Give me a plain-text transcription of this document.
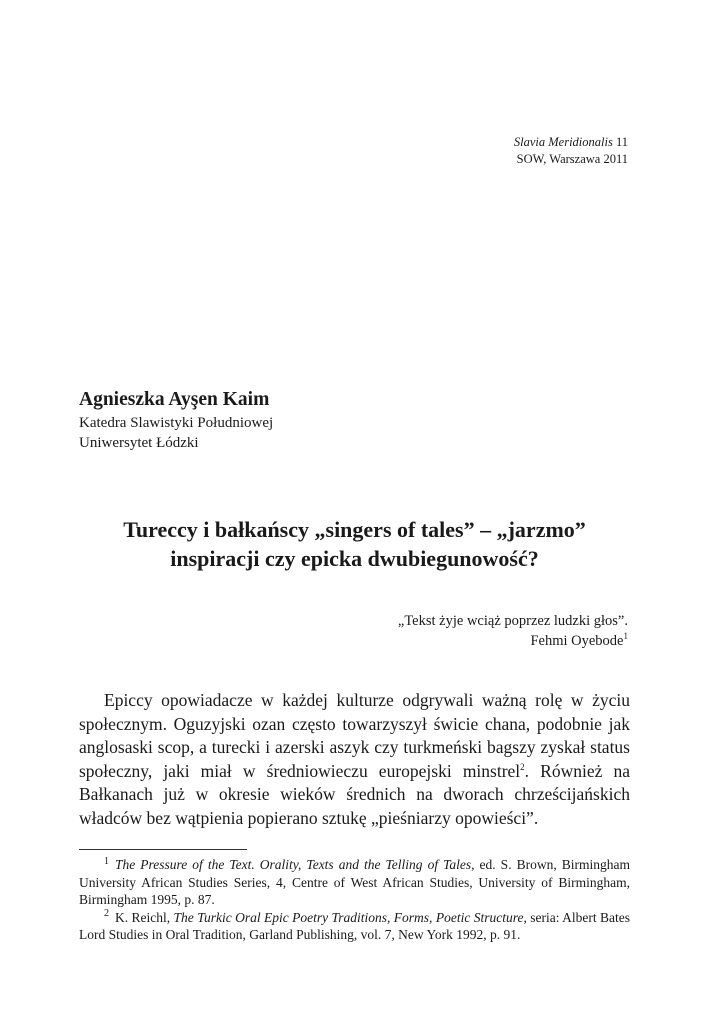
Slavia Meridionalis 11
SOW, Warszawa 2011
Agnieszka Ayşen Kaim
Katedra Slawistyki Południowej
Uniwersytet Łódzki
Tureccy i bałkańscy „singers of tales” – „jarzmo”
inspiracji czy epicka dwubiegunowość?
„Tekst żyje wciąż poprzez ludzki głos”.
Fehmi Oyebode$^1$

Epiccy opowiadacze w każdej kulturze odgrywali ważną rolę w życiu społecznym. Oguzyjski ozan często towarzyszył świcie chana, podobnie jak anglosaski scop, a turecki i azerski aszyk czy turkmeński bagszy zyskał status społeczny, jaki miał w średniowieczu europejski minstrel$^2$. Również na Bałkanach już w okresie wieków średnich na dworach chrześcijańskich władców bez wątpienia popierano sztukę „pieśniarzy opowieści”.

$^1$ The Pressure of the Text. Orality, Texts and the Telling of Tales, ed. S. Brown, Birmingham University African Studies Series, 4, Centre of West African Studies, University of Birmingham, Birmingham 1995, p. 87.

$^2$ K. Reichl, The Turkic Oral Epic Poetry Traditions, Forms, Poetic Structure, seria: Albert Bates Lord Studies in Oral Tradition, Garland Publishing, vol. 7, New York 1992, p. 91.
